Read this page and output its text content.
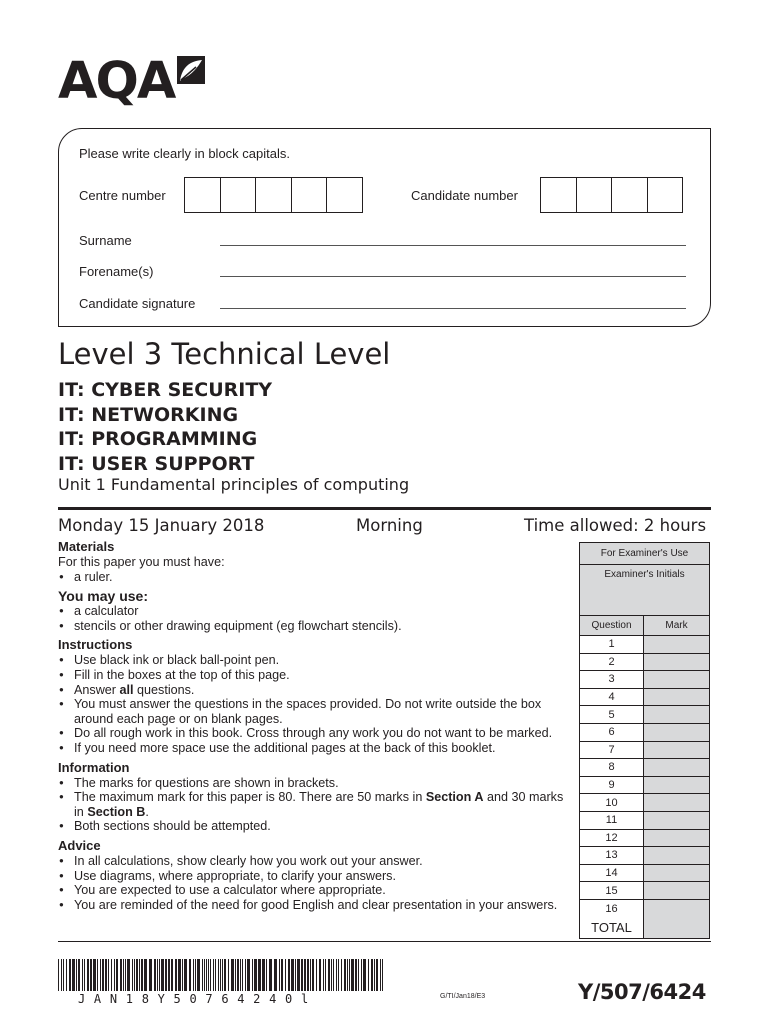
AQA
Please write clearly in block capitals.
Centre number	Candidate number
Surname
Forename(s)
Candidate signature
Level 3 Technical Level
IT: CYBER SECURITY
IT: NETWORKING
IT: PROGRAMMING
IT: USER SUPPORT
Unit 1 Fundamental principles of computing
Monday 15 January 2018	Morning	Time allowed: 2 hours
Materials

For this paper you must have:

● a ruler.
You may use:
● a calculator
● stencils or other drawing equipment (eg flowchart stencils).
Instructions
● Use black ink or black ball-point pen.
● Fill in the boxes at the top of this page.
● Answer all questions.
● You must answer the questions in the spaces provided. Do not write outside the box around each page or on blank pages.
● Do all rough work in this book. Cross through any work you do not want to be marked.
● If you need more space use the additional pages at the back of this booklet.
Information
● The marks for questions are shown in brackets.
● The maximum mark for this paper is 80. There are 50 marks in Section A and 30 marks in Section B.
● Both sections should be attempted.
Advice
● In all calculations, show clearly how you work out your answer.
● Use diagrams, where appropriate, to clarify your answers.
● You are expected to use a calculator where appropriate.
● You are reminded of the need for good English and clear presentation in your answers.
For Examiner's Use
Examiner's Initials
Question	Mark
1
2
3
4
5
6
7
8
9
10
11
12
13
14
15
16
TOTAL
JAN18Y50764240l	G/TI/Jan18/E3	Y/507/6424
